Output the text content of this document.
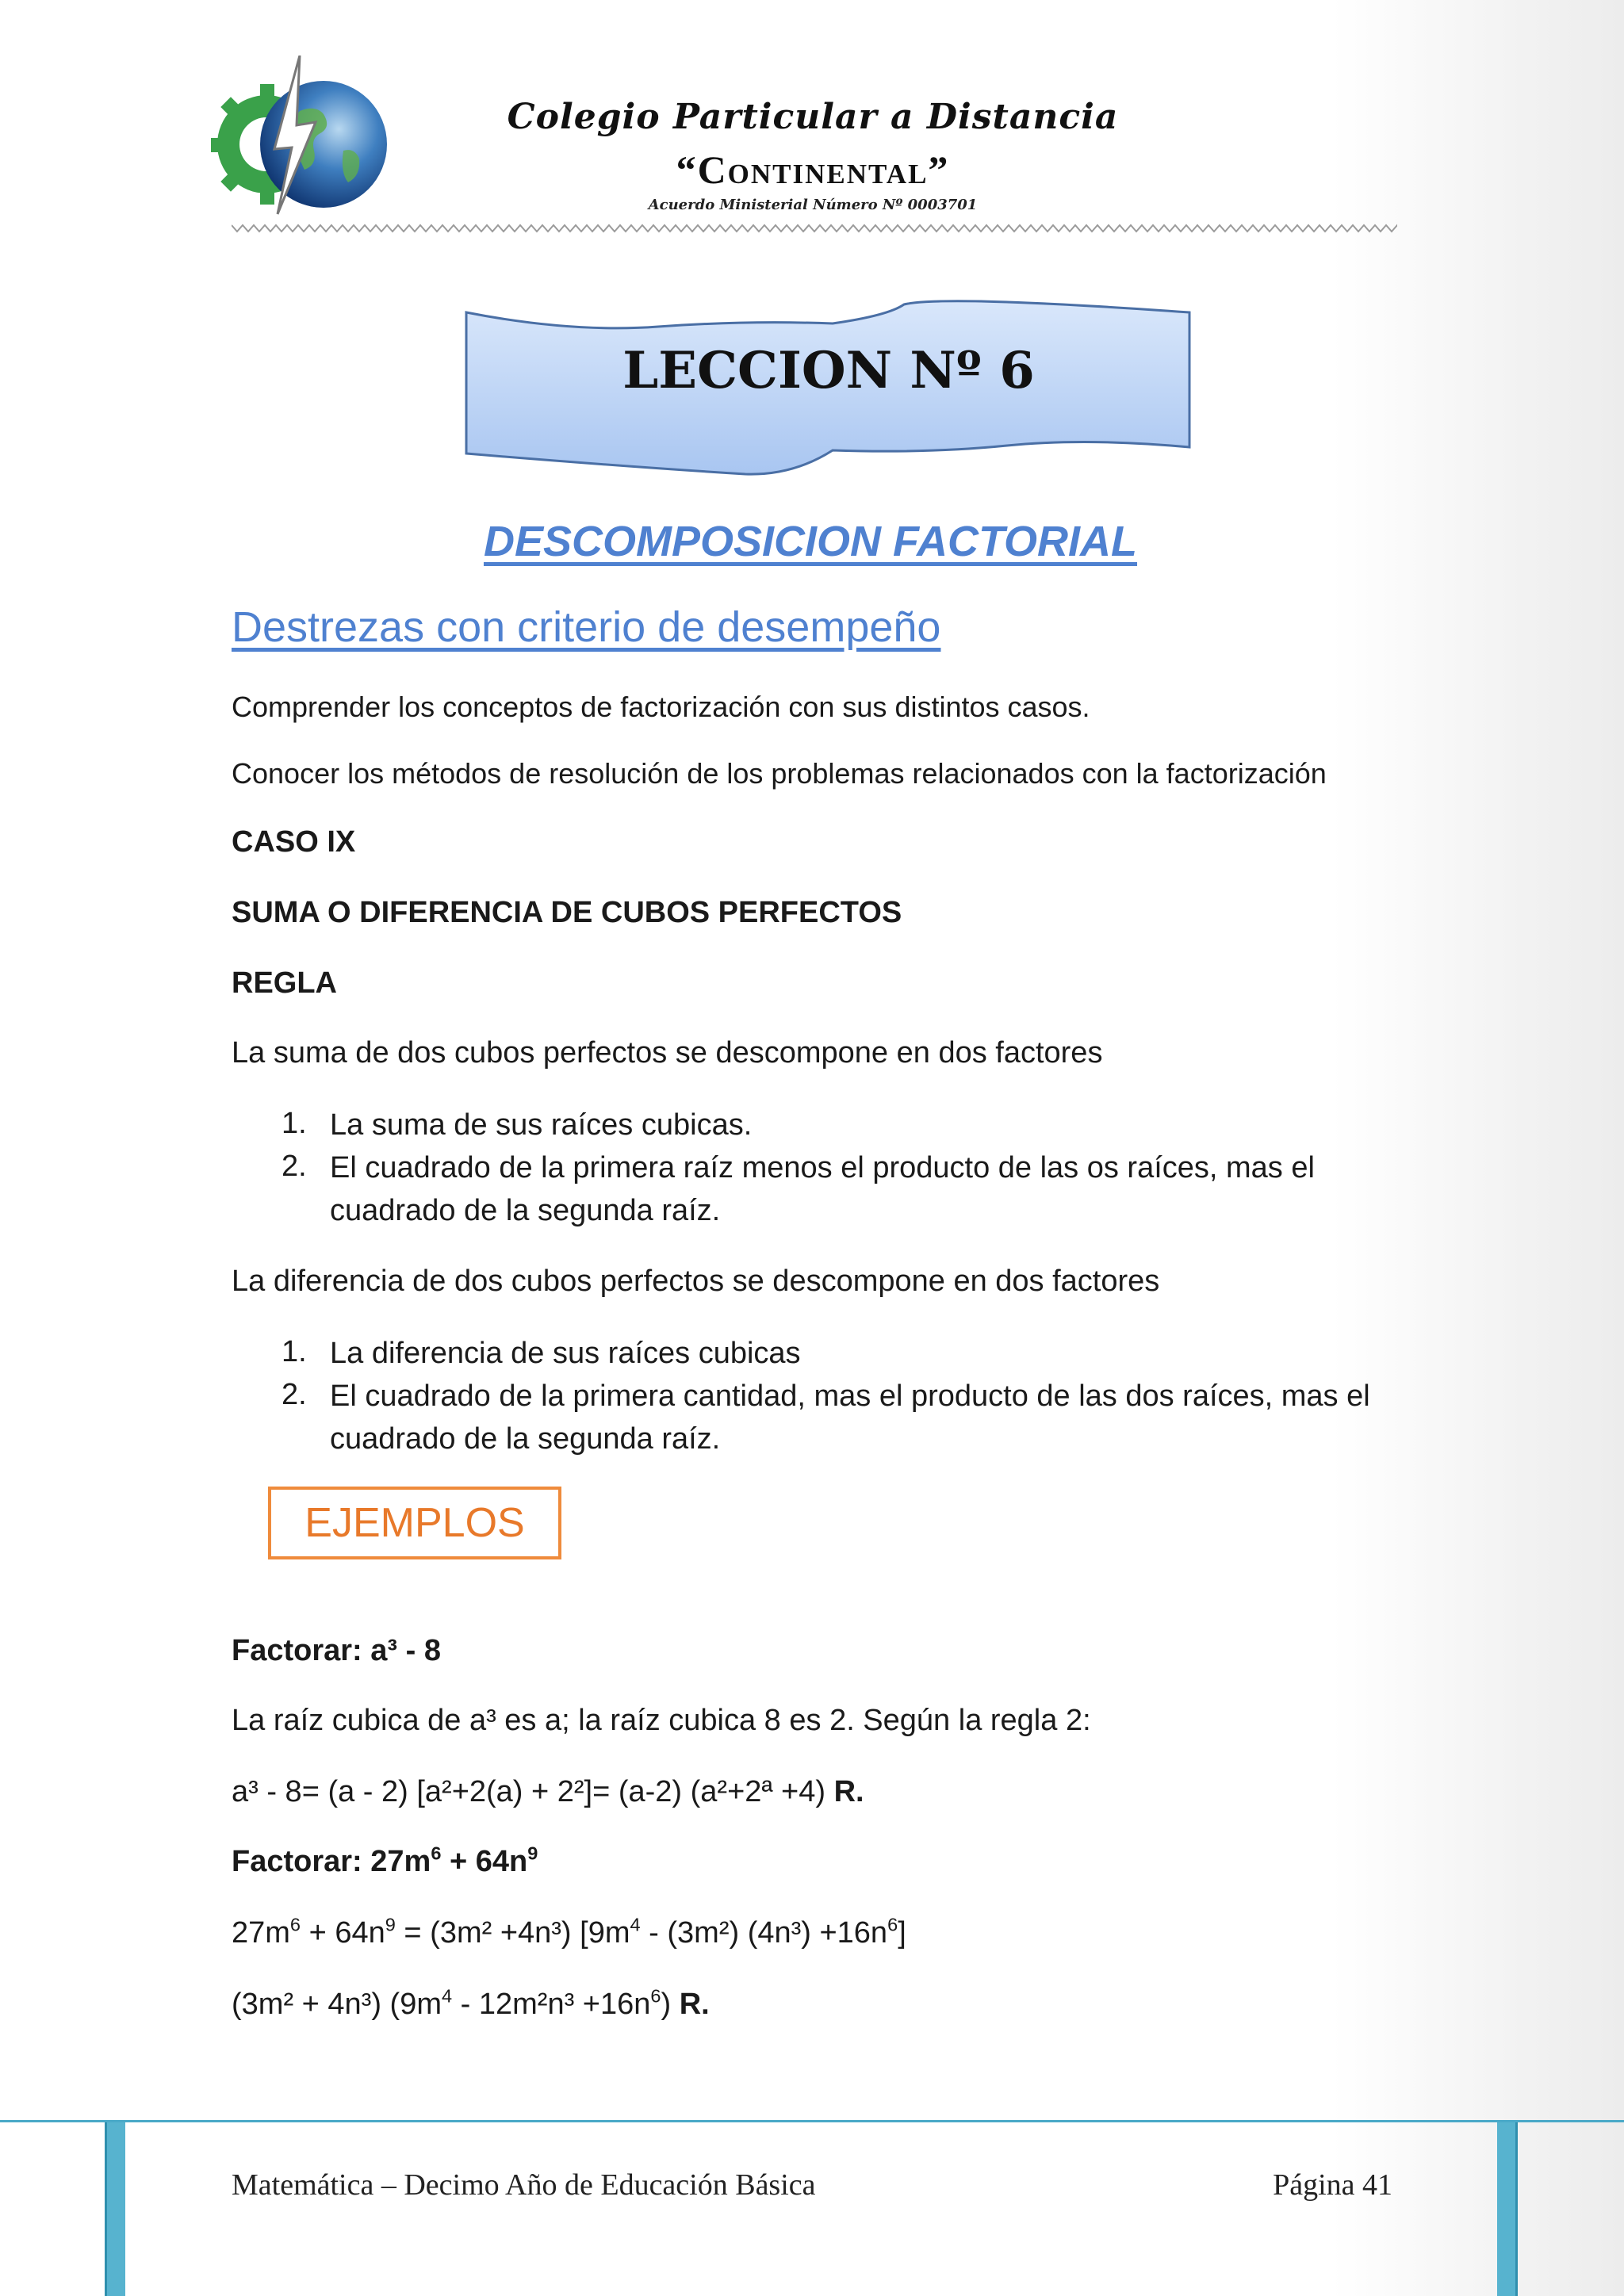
Colegio Particular a Distancia
“Continental”
Acuerdo Ministerial Número Nº 0003701
LECCION Nº 6
DESCOMPOSICION FACTORIAL
Destrezas con criterio de desempeño
Comprender los conceptos de factorización con sus distintos casos.
Conocer los métodos de resolución de los problemas relacionados con la factorización
CASO IX
SUMA O DIFERENCIA DE CUBOS PERFECTOS
REGLA
La suma de dos cubos perfectos se descompone en dos factores
1. La suma de sus raíces cubicas.
2. El cuadrado de la primera raíz menos el producto de las os raíces, mas el cuadrado de la segunda raíz.
La diferencia de dos cubos perfectos se descompone en dos factores
1. La diferencia de sus raíces cubicas
2. El cuadrado de la primera cantidad, mas el producto de las dos raíces, mas el cuadrado de la segunda raíz.
EJEMPLOS
Factorar: a³ - 8
La raíz cubica de a³ es a; la raíz cubica 8 es 2. Según la regla 2:
a³ - 8= (a - 2) [a²+2(a) + 2²]= (a-2) (a²+2ª +4) R.
Factorar: $27m^6 + 64n^9$
$27m^6 + 64n^9 = (3m^2 +4n^3)$ [$9m^4 - (3m^2)$ $(4n^3) +16n^6$]
(3m² + 4n³) $(9m^4 - 12m^2n^3 +16n^6)$ R.
Matemática – Decimo Año de Educación Básica	Página 41
